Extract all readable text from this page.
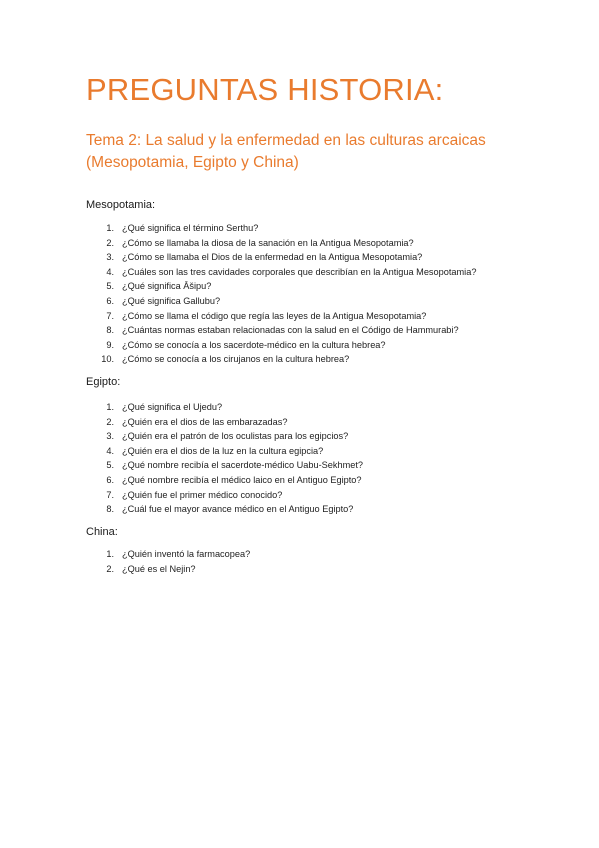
PREGUNTAS HISTORIA:
Tema 2: La salud y la enfermedad en las culturas arcaicas (Mesopotamia, Egipto y China)
Mesopotamia:
1. ¿Qué significa el término Serthu?
2. ¿Cómo se llamaba la diosa de la sanación en la Antigua Mesopotamia?
3. ¿Cómo se llamaba el Dios de la enfermedad en la Antigua Mesopotamia?
4. ¿Cuáles son las tres cavidades corporales que describían en la Antigua Mesopotamia?
5. ¿Qué significa Āšipu?
6. ¿Qué significa Gallubu?
7. ¿Cómo se llama el código que regía las leyes de la Antigua Mesopotamia?
8. ¿Cuántas normas estaban relacionadas con la salud en el Código de Hammurabi?
9. ¿Cómo se conocía a los sacerdote-médico en la cultura hebrea?
10. ¿Cómo se conocía a los cirujanos en la cultura hebrea?
Egipto:
1. ¿Qué significa el Ujedu?
2. ¿Quién era el dios de las embarazadas?
3. ¿Quién era el patrón de los oculistas para los egipcios?
4. ¿Quién era el dios de la luz en la cultura egipcia?
5. ¿Qué nombre recibía el sacerdote-médico Uabu-Sekhmet?
6. ¿Qué nombre recibía el médico laico en el Antiguo Egipto?
7. ¿Quién fue el primer médico conocido?
8. ¿Cuál fue el mayor avance médico en el Antiguo Egipto?
China:
1. ¿Quién inventó la farmacopea?
2. ¿Qué es el Nejin?
